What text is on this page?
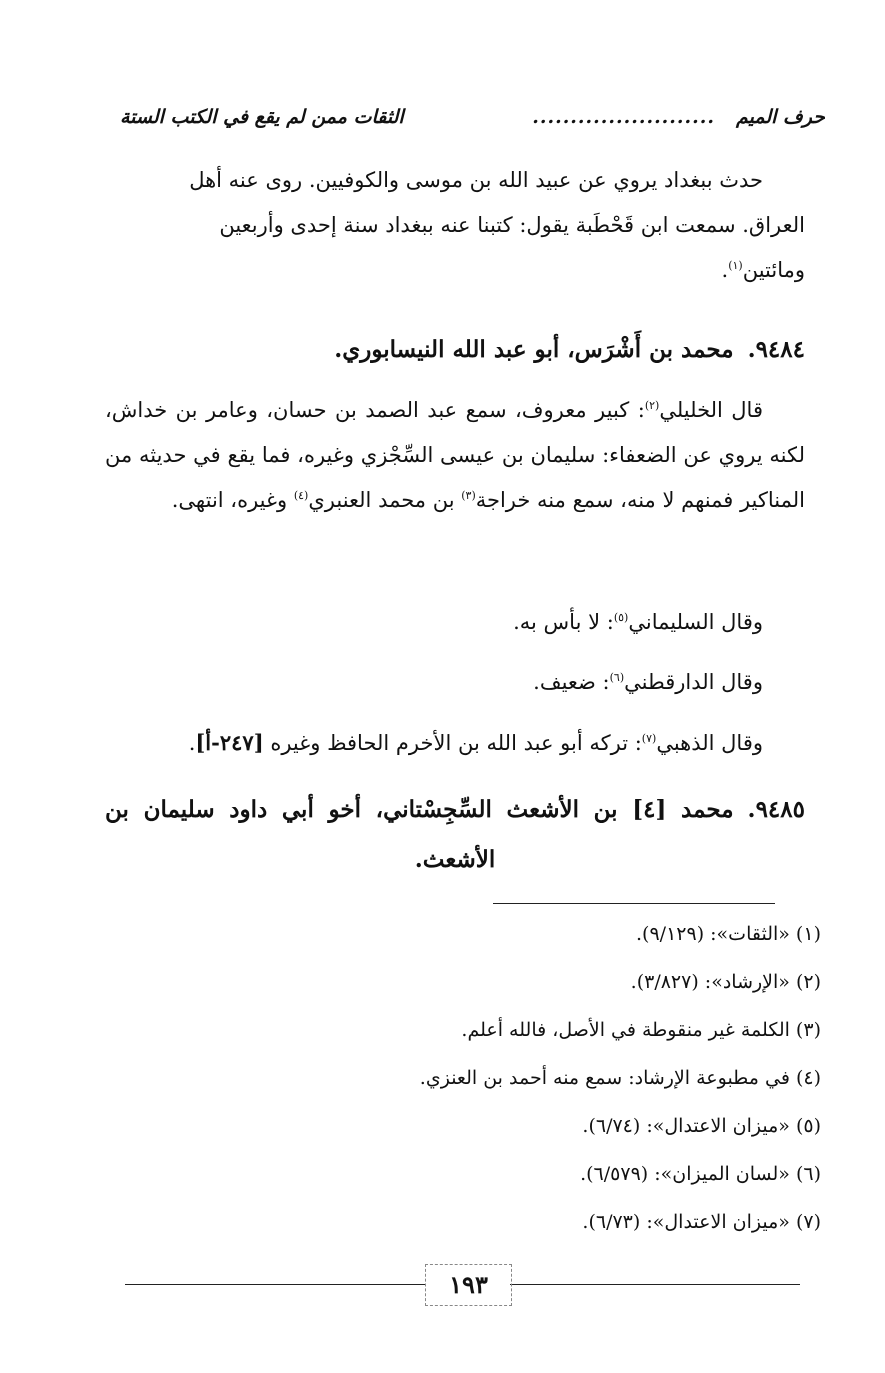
حرف الميم
........................
الثقات ممن لم يقع في الكتب الستة
حدث ببغداد يروي عن عبيد الله بن موسى والكوفيين. روى عنه أهل
العراق. سمعت ابن قَحْطَبة يقول: كتبنا عنه ببغداد سنة إحدى وأربعين
ومائتين$^{(١)}$.
٩٤٨٤.محمد بن أَشْرَس، أبو عبد الله النيسابوري.
قال الخليلي$^{(٢)}$: كبير معروف، سمع عبد الصمد بن حسان، وعامر بن خداش، لكنه يروي عن الضعفاء: سليمان بن عيسى السِّجْزي وغيره، فما يقع في حديثه من المناكير فمنهم لا منه، سمع منه خراجة$^{(٣)}$ بن محمد العنبري$^{(٤)}$ وغيره، انتهى.
وقال السليماني$^{(٥)}$: لا بأس به.
وقال الدارقطني$^{(٦)}$: ضعيف.
وقال الذهبي$^{(٧)}$: تركه أبو عبد الله بن الأخرم الحافظ وغيره [٢٤٧-أ].
٩٤٨٥.محمد [٤] بن الأشعث السِّجِسْتاني، أخو أبي داود سليمان بن الأشعث.
(١) «الثقات»: (٩/١٢٩).
(٢) «الإرشاد»: (٣/٨٢٧).
(٣) الكلمة غير منقوطة في الأصل، فالله أعلم.
(٤) في مطبوعة الإرشاد: سمع منه أحمد بن العنزي.
(٥) «ميزان الاعتدال»: (٦/٧٤).
(٦) «لسان الميزان»: (٦/٥٧٩).
(٧) «ميزان الاعتدال»: (٦/٧٣).
١٩٣
